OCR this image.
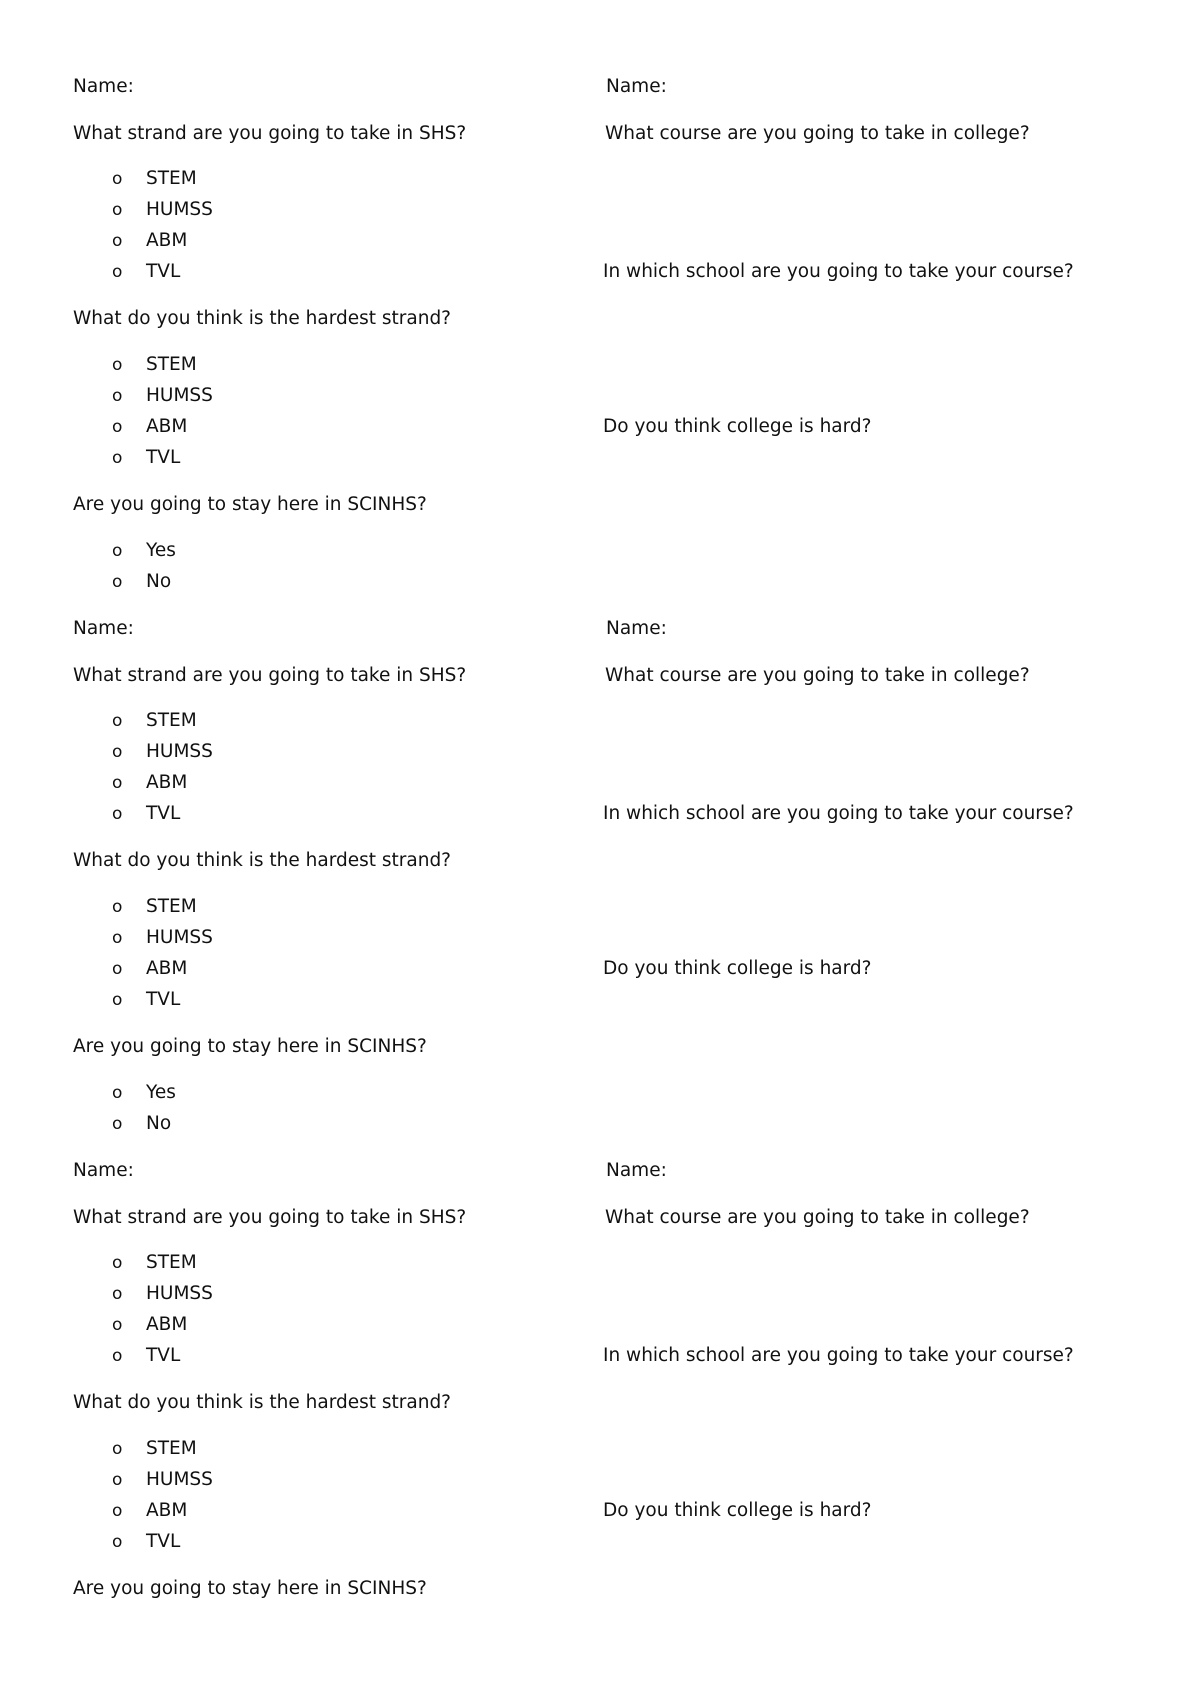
Name:
What strand are you going to take in SHS?
o STEM
o HUMSS
o ABM
o TVL
What do you think is the hardest strand?
o STEM
o HUMSS
o ABM
o TVL
Are you going to stay here in SCINHS?
o Yes
o No
Name:
What course are you going to take in college?
In which school are you going to take your course?
Do you think college is hard?
Name:
What strand are you going to take in SHS?
o STEM
o HUMSS
o ABM
o TVL
What do you think is the hardest strand?
o STEM
o HUMSS
o ABM
o TVL
Are you going to stay here in SCINHS?
o Yes
o No
Name:
What course are you going to take in college?
In which school are you going to take your course?
Do you think college is hard?
Name:
What strand are you going to take in SHS?
o STEM
o HUMSS
o ABM
o TVL
What do you think is the hardest strand?
o STEM
o HUMSS
o ABM
o TVL
Are you going to stay here in SCINHS?
Name:
What course are you going to take in college?
In which school are you going to take your course?
Do you think college is hard?
